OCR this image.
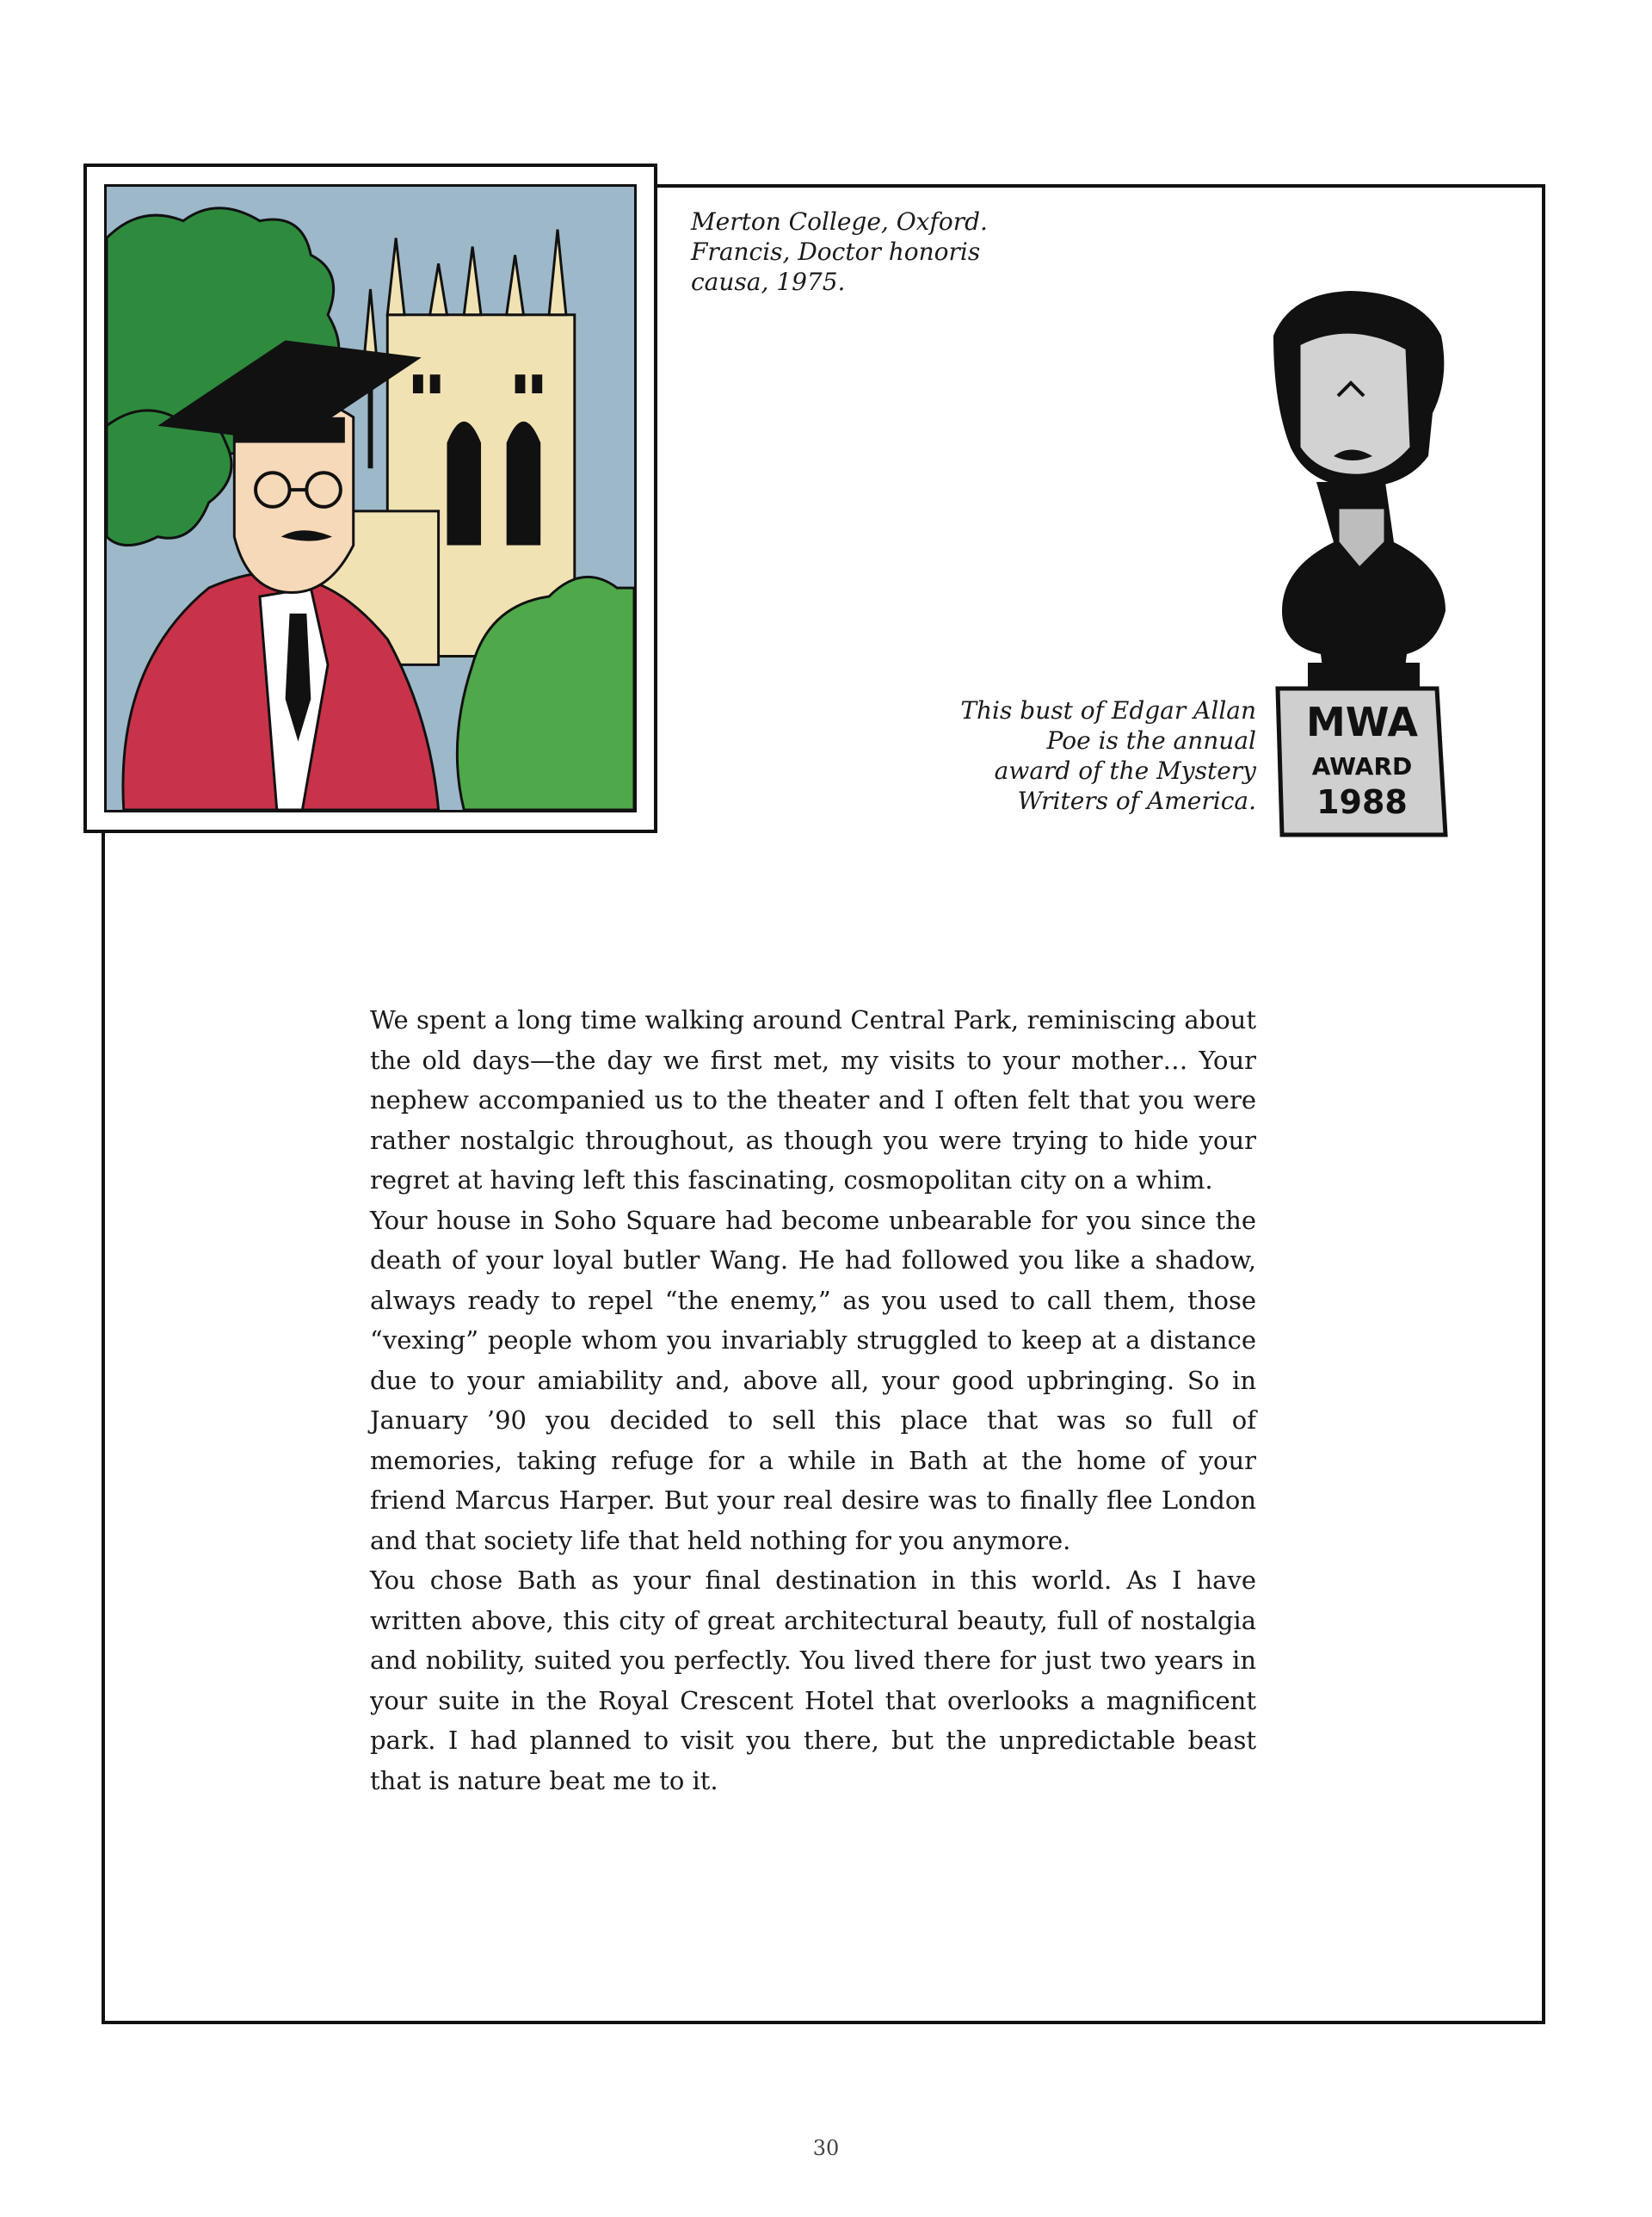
Merton College, Oxford.
Francis, Doctor honoris
causa, 1975.
MWA
AWARD
1988
This bust of Edgar Allan
Poe is the annual
award of the Mystery
Writers of America.

We spent a long time walking around Central Park, reminiscing about the old days—the day we first met, my visits to your mother… Your nephew accompanied us to the theater and I often felt that you were rather nostalgic throughout, as though you were trying to hide your regret at having left this fascinating, cosmopolitan city on a whim.

Your house in Soho Square had become unbearable for you since the death of your loyal butler Wang. He had followed you like a shadow, always ready to repel “the enemy,” as you used to call them, those “vexing” people whom you invariably struggled to keep at a distance due to your amiability and, above all, your good upbringing. So in January ’90 you decided to sell this place that was so full of memories, taking refuge for a while in Bath at the home of your friend Marcus Harper. But your real desire was to finally flee London and that society life that held nothing for you anymore.

You chose Bath as your final destination in this world. As I have written above, this city of great architectural beauty, full of nostalgia and nobility, suited you perfectly. You lived there for just two years in your suite in the Royal Crescent Hotel that overlooks a magnificent park. I had planned to visit you there, but the unpredictable beast that is nature beat me to it.

30
